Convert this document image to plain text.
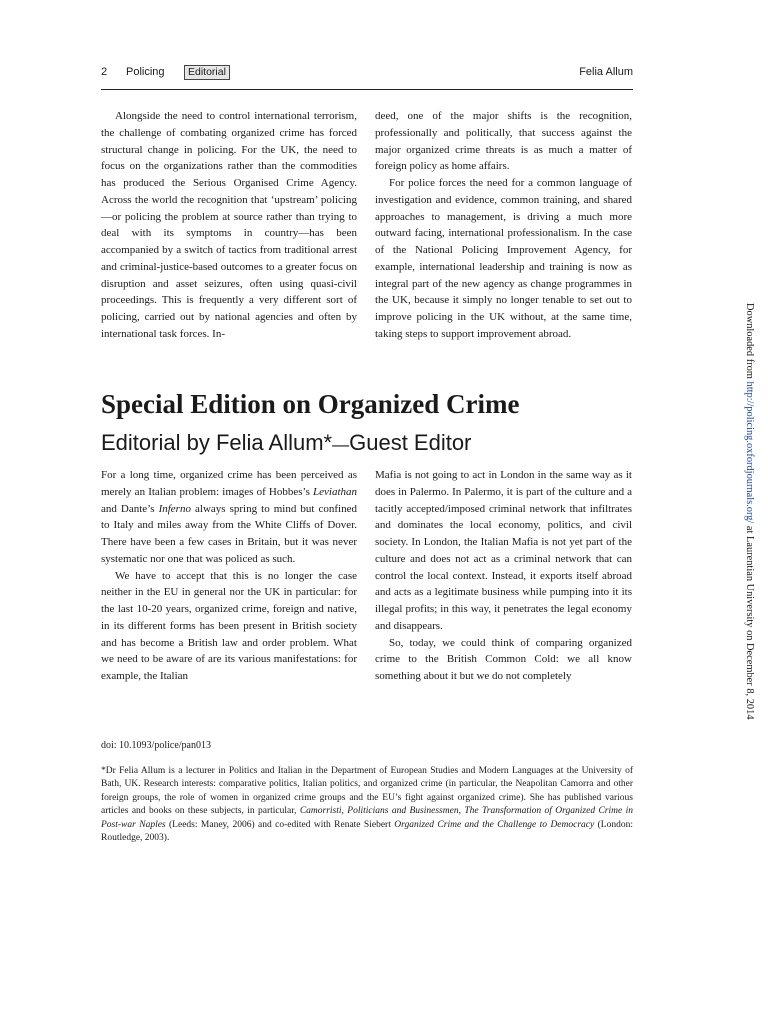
2 Policing	Editorial	Felia Allum

Alongside the need to control international terrorism, the challenge of combating organized crime has forced structural change in policing. For the UK, the need to focus on the organizations rather than the commodities has produced the Serious Organised Crime Agency. Across the world the recognition that ‘upstream’ policing—or policing the problem at source rather than trying to deal with its symptoms in country—has been accompanied by a switch of tactics from traditional arrest and criminal-justice-based outcomes to a greater focus on disruption and asset seizures, often using quasi-civil proceedings. This is frequently a very different sort of policing, carried out by national agencies and often by international task forces. In-

deed, one of the major shifts is the recognition, professionally and politically, that success against the major organized crime threats is as much a matter of foreign policy as home affairs.

For police forces the need for a common language of investigation and evidence, common training, and shared approaches to management, is driving a much more outward facing, international professionalism. In the case of the National Policing Improvement Agency, for example, international leadership and training is now as integral part of the new agency as change programmes in the UK, because it simply no longer tenable to set out to improve policing in the UK without, at the same time, taking steps to support improvement abroad.

Special Edition on Organized Crime
Editorial by Felia Allum*—Guest Editor

For a long time, organized crime has been perceived as merely an Italian problem: images of Hobbes’s Leviathan and Dante’s Inferno always spring to mind but confined to Italy and miles away from the White Cliffs of Dover. There have been a few cases in Britain, but it was never systematic nor one that was policed as such.

We have to accept that this is no longer the case neither in the EU in general nor the UK in particular: for the last 10-20 years, organized crime, foreign and native, in its different forms has been present in British society and has become a British law and order problem. What we need to be aware of are its various manifestations: for example, the Italian

Mafia is not going to act in London in the same way as it does in Palermo. In Palermo, it is part of the culture and a tacitly accepted/imposed criminal network that infiltrates and dominates the local economy, politics, and civil society. In London, the Italian Mafia is not yet part of the culture and does not act as a criminal network that can control the local context. Instead, it exports itself abroad and acts as a legitimate business while pumping into it its illegal profits; in this way, it penetrates the legal economy and disappears.

So, today, we could think of comparing organized crime to the British Common Cold: we all know something about it but we do not completely

doi: 10.1093/police/pan013
*Dr Felia Allum is a lecturer in Politics and Italian in the Department of European Studies and Modern Languages at the University of Bath, UK. Research interests: comparative politics, Italian politics, and organized crime (in particular, the Neapolitan Camorra and other foreign groups, the role of women in organized crime groups and the EU’s fight against organized crime). She has published various articles and books on these subjects, in particular, Camorristi, Politicians and Businessmen, The Transformation of Organized Crime in Post-war Naples (Leeds: Maney, 2006) and co-edited with Renate Siebert Organized Crime and the Challenge to Democracy (London: Routledge, 2003).
Downloaded from http://policing.oxfordjournals.org/ at Laurentian University on December 8, 2014
